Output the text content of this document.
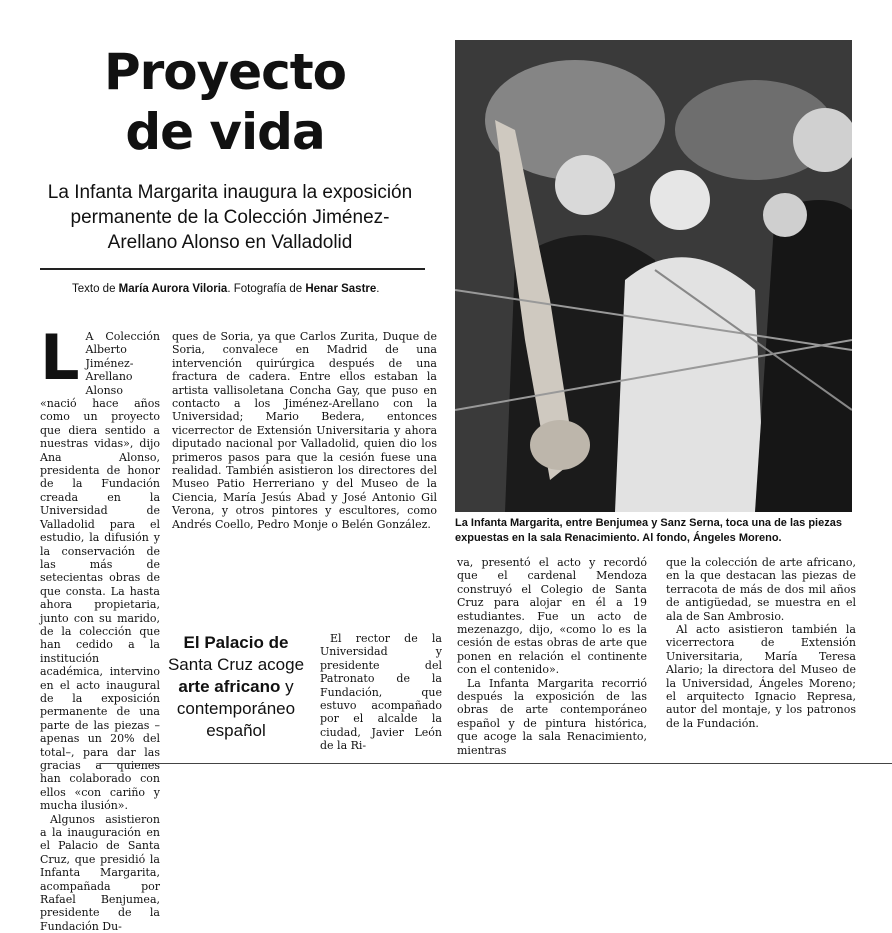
Proyecto
de vida
La Infanta Margarita inaugura la exposición permanente de la Colección Jiménez-Arellano Alonso en Valladolid
Texto de María Aurora Viloria. Fotografía de Henar Sastre.

L A Colección Alberto Jiménez-Arellano Alonso «nació hace años como un proyecto que diera sentido a nuestras vidas», dijo Ana Alonso, presidenta de honor de la Fundación creada en la Universidad de Valladolid para el estudio, la difusión y la conservación de las más de setecientas obras de que consta. La hasta ahora propietaria, junto con su marido, de la colección que han cedido a la institución académica, intervino en el acto inaugural de la exposición permanente de una parte de las piezas –apenas un 20% del total–, para dar las gracias a quienes han colaborado con ellos «con cariño y mucha ilusión».

Algunos asistieron a la inauguración en el Palacio de Santa Cruz, que presidió la Infanta Margarita, acompañada por Rafael Benjumea, presidente de la Fundación Du-

ques de Soria, ya que Carlos Zurita, Duque de Soria, convalece en Madrid de una intervención quirúrgica después de una fractura de cadera. Entre ellos estaban la artista vallisoletana Concha Gay, que puso en contacto a los Jiménez-Arellano con la Universidad; Mario Bedera, entonces vicerrector de Extensión Universitaria y ahora diputado nacional por Valladolid, quien dio los primeros pasos para que la cesión fuese una realidad. También asistieron los directores del Museo Patio Herreriano y del Museo de la Ciencia, María Jesús Abad y José Antonio Gil Verona, y otros pintores y escultores, como Andrés Coello, Pedro Monje o Belén González.

El rector de la Universidad y presidente del Patronato de la Fundación, que estuvo acompañado por el alcalde la ciudad, Javier León de la Ri-
El Palacio de
Santa Cruz acoge
arte africano y
contemporáneo
español
La Infanta Margarita, entre Benjumea y Sanz Serna, toca una de las piezas expuestas en la sala Renacimiento. Al fondo, Ángeles Moreno.

va, presentó el acto y recordó que el cardenal Mendoza construyó el Colegio de Santa Cruz para alojar en él a 19 estudiantes. Fue un acto de mezenazgo, dijo, «como lo es la cesión de estas obras de arte que ponen en relación el continente con el contenido».

La Infanta Margarita recorrió después la exposición de las obras de arte contemporáneo español y de pintura histórica, que acoge la sala Renacimiento, mientras

que la colección de arte africano, en la que destacan las piezas de terracota de más de dos mil años de antigüedad, se muestra en el ala de San Ambrosio.

Al acto asistieron también la vicerrectora de Extensión Universitaria, María Teresa Alario; la directora del Museo de la Universidad, Ángeles Moreno; el arquitecto Ignacio Represa, autor del montaje, y los patronos de la Fundación.
